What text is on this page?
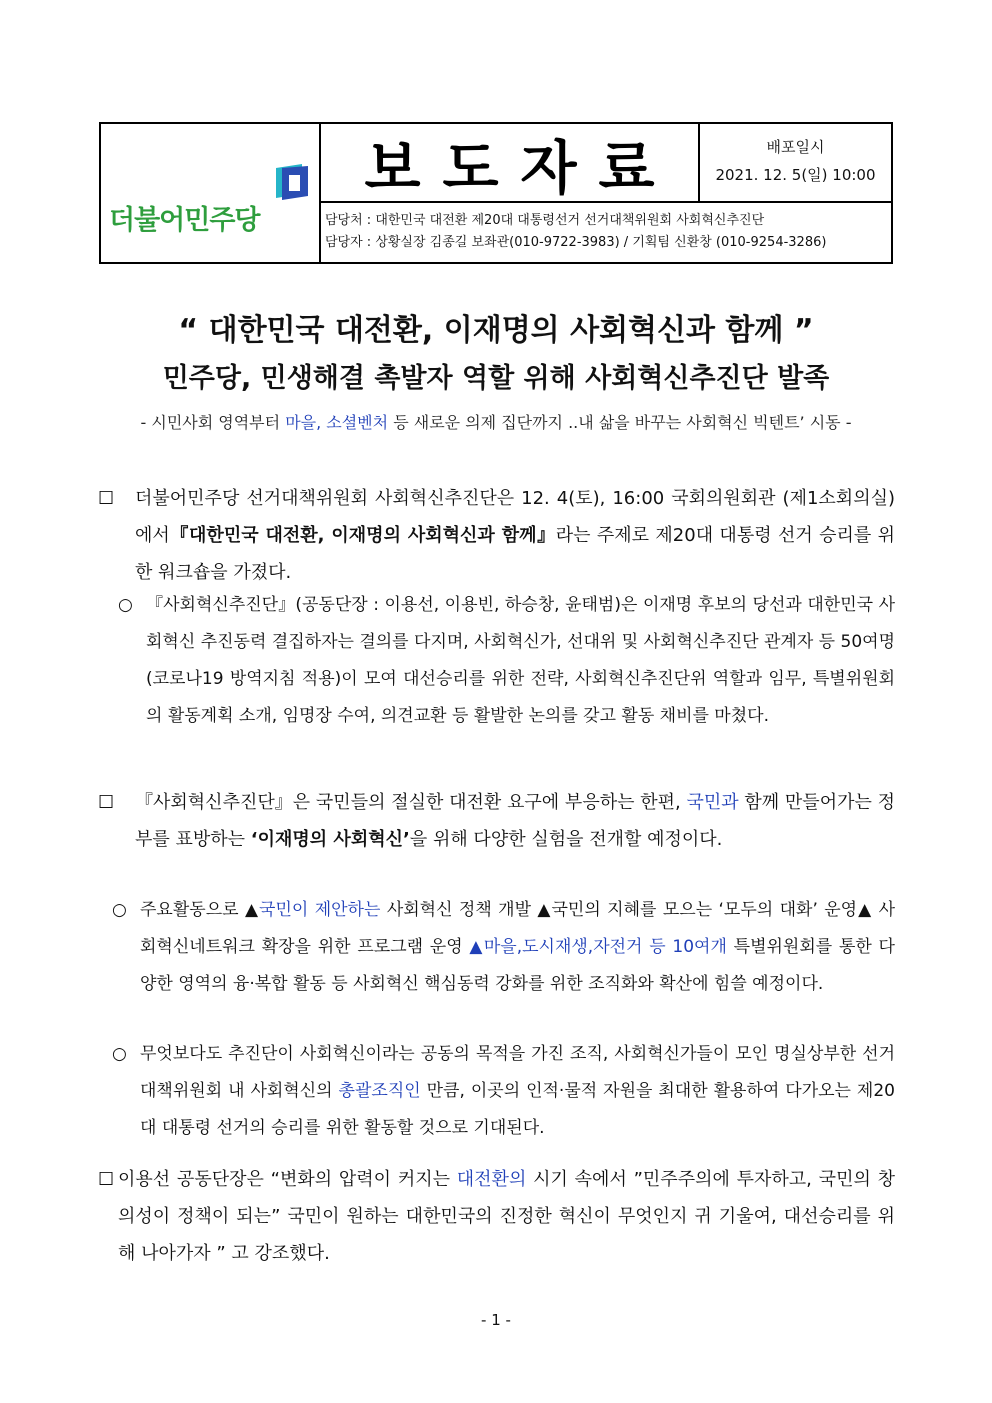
더불어민주당
보도자료	배포일시
2021. 12. 5(일) 10:00
담당처 : 대한민국 대전환 제20대 대통령선거 선거대책위원회 사회혁신추진단
담당자 : 상황실장 김종길 보좌관(010-9722-3983) / 기획팀 신환창 (010-9254-3286)
“ 대한민국 대전환, 이재명의 사회혁신과 함께 ”
민주당, 민생해결 촉발자 역할 위해 사회혁신추진단 발족
- 시민사회 영역부터 마을, 소셜벤처 등 새로운 의제 집단까지 ..내 삶을 바꾸는 사회혁신 빅텐트’ 시동 -
☐ 더불어민주당 선거대책위원회 사회혁신추진단은 12. 4(토), 16:00 국회의원회관 (제1소회의실)에서『대한민국 대전환, 이재명의 사회혁신과 함께』라는 주제로 제20대 대통령 선거 승리를 위한 워크숍을 가졌다.
○ 『사회혁신추진단』(공동단장 : 이용선, 이용빈, 하승창, 윤태범)은 이재명 후보의 당선과 대한민국 사회혁신 추진동력 결집하자는 결의를 다지며, 사회혁신가, 선대위 및 사회혁신추진단 관계자 등 50여명(코로나19 방역지침 적용)이 모여 대선승리를 위한 전략, 사회혁신추진단위 역할과 임무, 특별위원회의 활동계획 소개, 임명장 수여, 의견교환 등 활발한 논의를 갖고 활동 채비를 마쳤다.
☐ 『사회혁신추진단』은 국민들의 절실한 대전환 요구에 부응하는 한편, 국민과 함께 만들어가는 정부를 표방하는 ‘이재명의 사회혁신’을 위해 다양한 실험을 전개할 예정이다.
○ 주요활동으로 ▲국민이 제안하는 사회혁신 정책 개발 ▲국민의 지혜를 모으는 ‘모두의 대화’ 운영▲ 사회혁신네트워크 확장을 위한 프로그램 운영 ▲마을,도시재생,자전거 등 10여개 특별위원회를 통한 다양한 영역의 융·복합 활동 등 사회혁신 핵심동력 강화를 위한 조직화와 확산에 힘쓸 예정이다.
○ 무엇보다도 추진단이 사회혁신이라는 공동의 목적을 가진 조직, 사회혁신가들이 모인 명실상부한 선거대책위원회 내 사회혁신의 총괄조직인 만큼, 이곳의 인적·물적 자원을 최대한 활용하여 다가오는 제20대 대통령 선거의 승리를 위한 활동할 것으로 기대된다.
☐ 이용선 공동단장은 “변화의 압력이 커지는 대전환의 시기 속에서 ”민주주의에 투자하고, 국민의 창의성이 정책이 되는” 국민이 원하는 대한민국의 진정한 혁신이 무엇인지 귀 기울여, 대선승리를 위해 나아가자 ” 고 강조했다.
- 1 -
